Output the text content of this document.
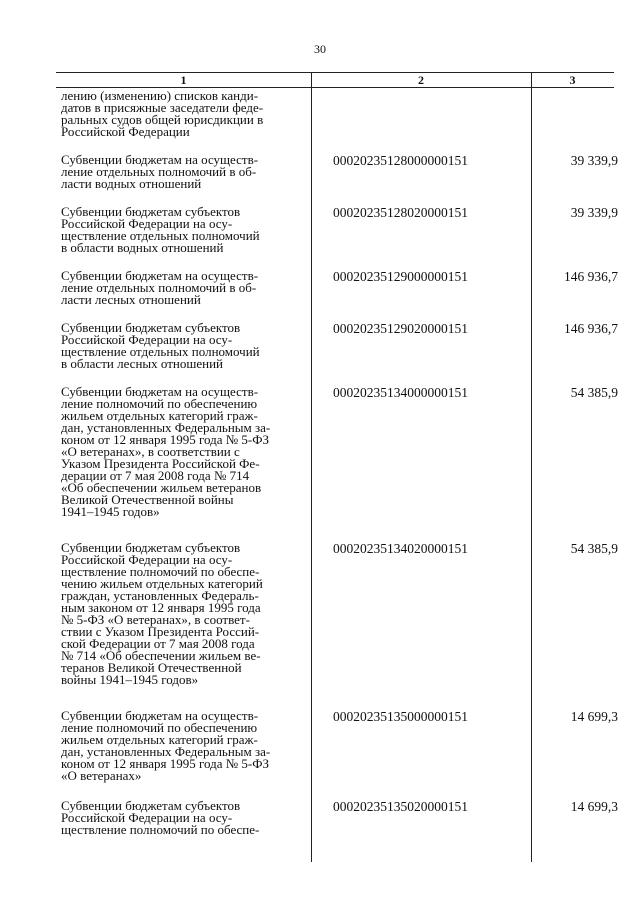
30
1	2	3
лению (изменению) списков канди-
датов в присяжные заседатели феде-
ральных судов общей юрисдикции в
Российской Федерации
Субвенции бюджетам на осуществ-
ление отдельных полномочий в об-
ласти водных отношений
00020235128000000151	39 339,9
Субвенции бюджетам субъектов
Российской Федерации на осу-
ществление отдельных полномочий
в области водных отношений
00020235128020000151	39 339,9
Субвенции бюджетам на осуществ-
ление отдельных полномочий в об-
ласти лесных отношений
00020235129000000151	146 936,7
Субвенции бюджетам субъектов
Российской Федерации на осу-
ществление отдельных полномочий
в области лесных отношений
00020235129020000151	146 936,7
Субвенции бюджетам на осуществ-
ление полномочий по обеспечению
жильем отдельных категорий граж-
дан, установленных Федеральным за-
коном от 12 января 1995 года № 5-ФЗ
«О ветеранах», в соответствии с
Указом Президента Российской Фе-
дерации от 7 мая 2008 года № 714
«Об обеспечении жильем ветеранов
Великой Отечественной войны
1941–1945 годов»
00020235134000000151	54 385,9
Субвенции бюджетам субъектов
Российской Федерации на осу-
ществление полномочий по обеспе-
чению жильем отдельных категорий
граждан, установленных Федераль-
ным законом от 12 января 1995 года
№ 5-ФЗ «О ветеранах», в соответ-
ствии с Указом Президента Россий-
ской Федерации от 7 мая 2008 года
№ 714 «Об обеспечении жильем ве-
теранов Великой Отечественной
войны 1941–1945 годов»
00020235134020000151	54 385,9
Субвенции бюджетам на осуществ-
ление полномочий по обеспечению
жильем отдельных категорий граж-
дан, установленных Федеральным за-
коном от 12 января 1995 года № 5-ФЗ
«О ветеранах»
00020235135000000151	14 699,3
Субвенции бюджетам субъектов
Российской Федерации на осу-
ществление полномочий по обеспе-
00020235135020000151	14 699,3
